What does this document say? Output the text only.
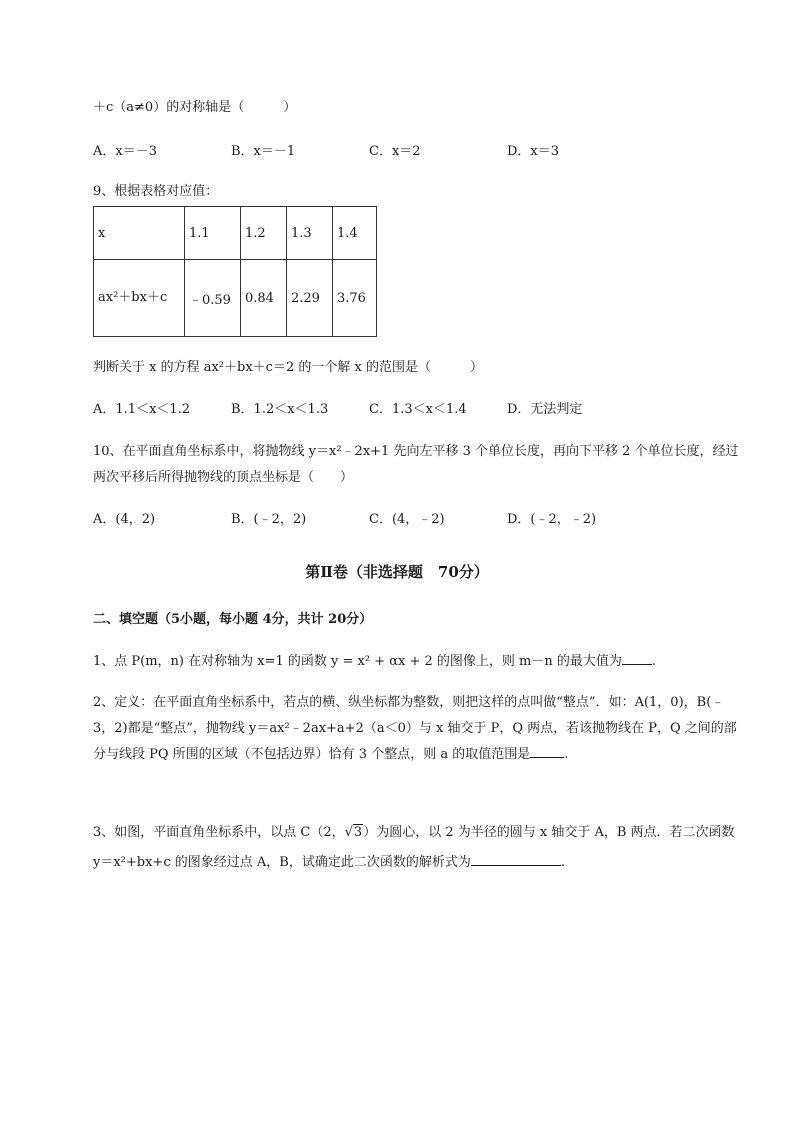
＋c（a≠0）的对称轴是（　　　）
A．x＝－3	B．x＝－1	C．x＝2	D．x＝3
9、根据表格对应值：
x	1.1	1.2	1.3	1.4
ax²＋bx＋c	﹣0.59	0.84	2.29	3.76
判断关于 x 的方程 ax²＋bx＋c＝2 的一个解 x 的范围是（　　　）
A．1.1＜x＜1.2	B．1.2＜x＜1.3	C．1.3＜x＜1.4	D．无法判定
10、在平面直角坐标系中，将抛物线 y＝x²﹣2x+1 先向左平移 3 个单位长度，再向下平移 2 个单位长度，经过两次平移后所得抛物线的顶点坐标是（　　）
A．(4，2)	B．(﹣2，2)	C．(4，﹣2)	D．(﹣2，﹣2)
第Ⅱ卷（非选择题　70分）
二、填空题（5小题，每小题 4分，共计 20分）
1、点 P(m，n) 在对称轴为 x=1 的函数 y = x² + αx + 2 的图像上，则 m－n 的最大值为 .
2、定义：在平面直角坐标系中，若点的横、纵坐标都为整数，则把这样的点叫做“整点”．如：A(1，0)，B(﹣3，2)都是“整点”，抛物线 y＝ax²﹣2ax+a+2（a＜0）与 x 轴交于 P，Q 两点，若该抛物线在 P，Q 之间的部分与线段 PQ 所围的区域（不包括边界）恰有 3 个整点，则 a 的取值范围是	.
3、如图，平面直角坐标系中，以点 C（2，√3）为圆心，以 2 为半径的圆与 x 轴交于 A，B 两点．若二次函数 y＝x²+bx+c 的图象经过点 A，B，试确定此二次函数的解析式为	.
